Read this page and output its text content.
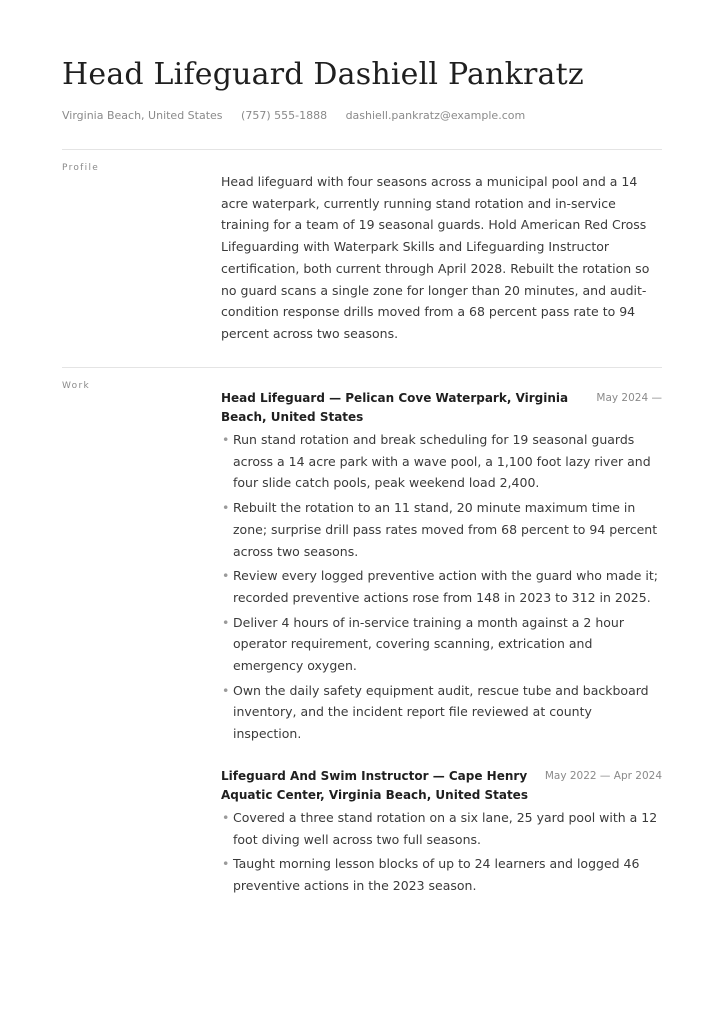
Head Lifeguard Dashiell Pankratz
Virginia Beach, United States (757) 555-1888 dashiell.pankratz@example.com
Profile
Head lifeguard with four seasons across a municipal pool and a 14 acre waterpark, currently running stand rotation and in-service training for a team of 19 seasonal guards. Hold American Red Cross Lifeguarding with Waterpark Skills and Lifeguarding Instructor certification, both current through April 2028. Rebuilt the rotation so no guard scans a single zone for longer than 20 minutes, and audit-condition response drills moved from a 68 percent pass rate to 94 percent across two seasons.
Work
Head Lifeguard — Pelican Cove Waterpark, Virginia
Beach, United States
May 2024 —
• Run stand rotation and break scheduling for 19 seasonal guards across a 14 acre park with a wave pool, a 1,100 foot lazy river and four slide catch pools, peak weekend load 2,400.
• Rebuilt the rotation to an 11 stand, 20 minute maximum time in zone; surprise drill pass rates moved from 68 percent to 94 percent across two seasons.
• Review every logged preventive action with the guard who made it; recorded preventive actions rose from 148 in 2023 to 312 in 2025.
• Deliver 4 hours of in-service training a month against a 2 hour operator requirement, covering scanning, extrication and emergency oxygen.
• Own the daily safety equipment audit, rescue tube and backboard inventory, and the incident report file reviewed at county inspection.
Lifeguard And Swim Instructor — Cape Henry
Aquatic Center, Virginia Beach, United States
May 2022 — Apr 2024
• Covered a three stand rotation on a six lane, 25 yard pool with a 12 foot diving well across two full seasons.
• Taught morning lesson blocks of up to 24 learners and logged 46 preventive actions in the 2023 season.
